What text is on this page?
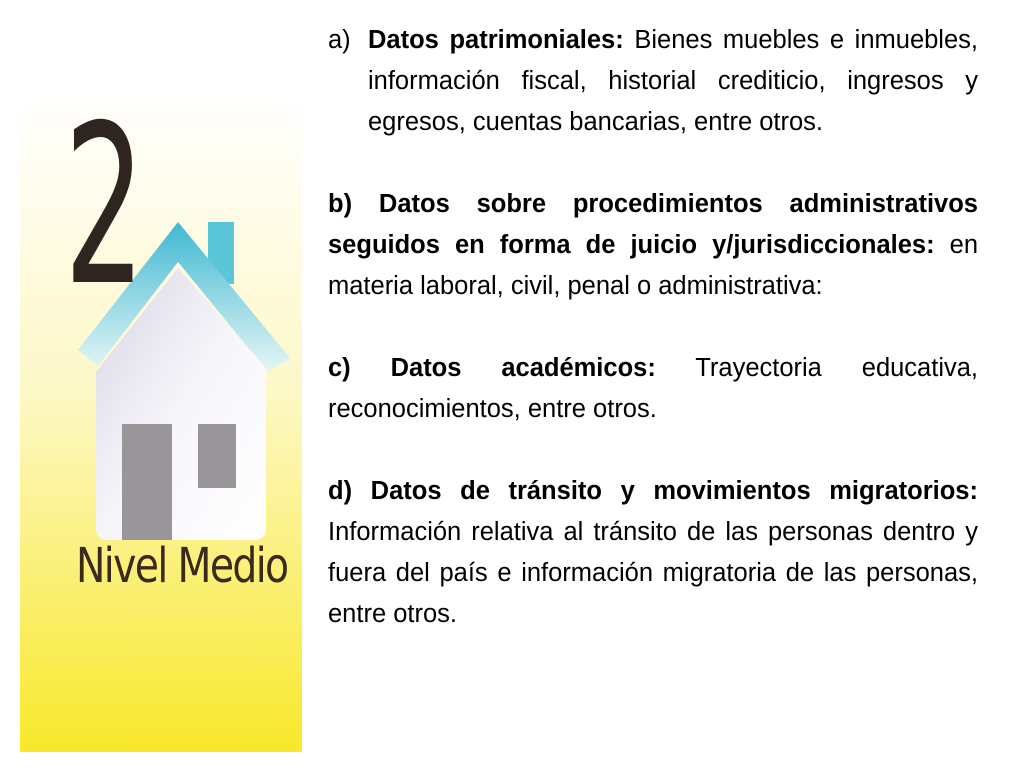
2
Nivel Medio

a) Datos patrimoniales: Bienes muebles e inmuebles, información fiscal, historial crediticio, ingresos y egresos, cuentas bancarias, entre otros.

b) Datos sobre procedimientos administrativos seguidos en forma de juicio y/jurisdiccionales: en materia laboral, civil, penal o administrativa:

c) Datos académicos: Trayectoria educativa, reconocimientos, entre otros.

d) Datos de tránsito y movimientos migratorios: Información relativa al tránsito de las personas dentro y fuera del país e información migratoria de las personas, entre otros.
